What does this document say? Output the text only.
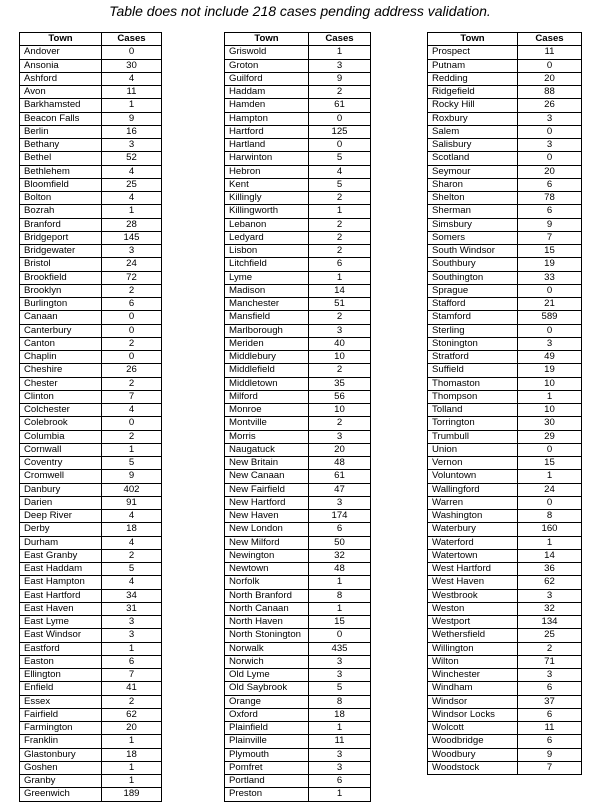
Table does not include 218 cases pending address validation.
Town	Cases
Andover	0
Ansonia	30
Ashford	4
Avon	11
Barkhamsted	1
Beacon Falls	9
Berlin	16
Bethany	3
Bethel	52
Bethlehem	4
Bloomfield	25
Bolton	4
Bozrah	1
Branford	28
Bridgeport	145
Bridgewater	3
Bristol	24
Brookfield	72
Brooklyn	2
Burlington	6
Canaan	0
Canterbury	0
Canton	2
Chaplin	0
Cheshire	26
Chester	2
Clinton	7
Colchester	4
Colebrook	0
Columbia	2
Cornwall	1
Coventry	5
Cromwell	9
Danbury	402
Darien	91
Deep River	4
Derby	18
Durham	4
East Granby	2
East Haddam	5
East Hampton	4
East Hartford	34
East Haven	31
East Lyme	3
East Windsor	3
Eastford	1
Easton	6
Ellington	7
Enfield	41
Essex	2
Fairfield	62
Farmington	20
Franklin	1
Glastonbury	18
Goshen	1
Granby	1
Greenwich	189
Town	Cases
Griswold	1
Groton	3
Guilford	9
Haddam	2
Hamden	61
Hampton	0
Hartford	125
Hartland	0
Harwinton	5
Hebron	4
Kent	5
Killingly	2
Killingworth	1
Lebanon	2
Ledyard	2
Lisbon	2
Litchfield	6
Lyme	1
Madison	14
Manchester	51
Mansfield	2
Marlborough	3
Meriden	40
Middlebury	10
Middlefield	2
Middletown	35
Milford	56
Monroe	10
Montville	2
Morris	3
Naugatuck	20
New Britain	48
New Canaan	61
New Fairfield	47
New Hartford	3
New Haven	174
New London	6
New Milford	50
Newington	32
Newtown	48
Norfolk	1
North Branford	8
North Canaan	1
North Haven	15
North Stonington	0
Norwalk	435
Norwich	3
Old Lyme	3
Old Saybrook	5
Orange	8
Oxford	18
Plainfield	1
Plainville	11
Plymouth	3
Pomfret	3
Portland	6
Preston	1
Town	Cases
Prospect	11
Putnam	0
Redding	20
Ridgefield	88
Rocky Hill	26
Roxbury	3
Salem	0
Salisbury	3
Scotland	0
Seymour	20
Sharon	6
Shelton	78
Sherman	6
Simsbury	9
Somers	7
South Windsor	15
Southbury	19
Southington	33
Sprague	0
Stafford	21
Stamford	589
Sterling	0
Stonington	3
Stratford	49
Suffield	19
Thomaston	10
Thompson	1
Tolland	10
Torrington	30
Trumbull	29
Union	0
Vernon	15
Voluntown	1
Wallingford	24
Warren	0
Washington	8
Waterbury	160
Waterford	1
Watertown	14
West Hartford	36
West Haven	62
Westbrook	3
Weston	32
Westport	134
Wethersfield	25
Willington	2
Wilton	71
Winchester	3
Windham	6
Windsor	37
Windsor Locks	6
Wolcott	11
Woodbridge	6
Woodbury	9
Woodstock	7
